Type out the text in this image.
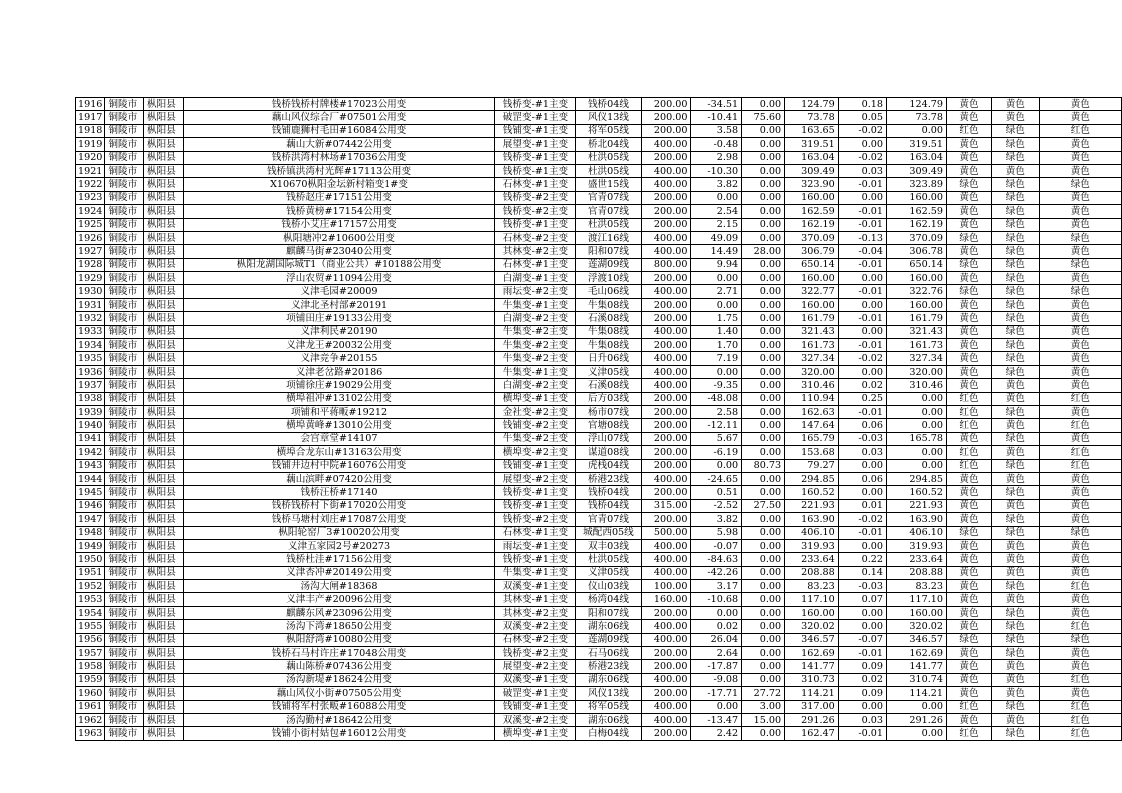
1916	铜陵市	枞阳县	钱桥钱桥村牌楼#17023公用变	钱桥变-#1主变	钱桥04线	200.00	-34.51	0.00	124.79	0.18	124.79	黄色	黄色	黄色
1917	铜陵市	枞阳县	藕山风仪综合厂#07501公用变	破罡变-#1主变	风仪13线	200.00	-10.41	75.60	73.78	0.05	73.78	黄色	黄色	黄色
1918	铜陵市	枞阳县	钱铺鹿狮村毛田#16084公用变	钱铺变-#1主变	将军05线	200.00	3.58	0.00	163.65	-0.02	0.00	红色	绿色	红色
1919	铜陵市	枞阳县	藕山大新#07442公用变	展望变-#1主变	桥北04线	400.00	-0.48	0.00	319.51	0.00	319.51	黄色	绿色	黄色
1920	铜陵市	枞阳县	钱桥洪湾村林场#17036公用变	钱桥变-#1主变	杜洪05线	200.00	2.98	0.00	163.04	-0.02	163.04	黄色	绿色	黄色
1921	铜陵市	枞阳县	钱桥镇洪湾村光辉#17113公用变	钱桥变-#1主变	杜洪05线	400.00	-10.30	0.00	309.49	0.03	309.49	黄色	黄色	黄色
1922	铜陵市	枞阳县	X10670枞阳金坛新村箱变1#变	石林变-#1主变	盛世15线	400.00	3.82	0.00	323.90	-0.01	323.89	绿色	绿色	绿色
1923	铜陵市	枞阳县	钱桥赵庄#17151公用变	钱桥变-#2主变	官青07线	200.00	0.00	0.00	160.00	0.00	160.00	黄色	绿色	黄色
1924	铜陵市	枞阳县	钱桥黄榜#17154公用变	钱桥变-#2主变	官青07线	200.00	2.54	0.00	162.59	-0.01	162.59	黄色	绿色	黄色
1925	铜陵市	枞阳县	钱桥小艾庄#17157公用变	钱桥变-#1主变	杜洪05线	200.00	2.15	0.00	162.19	-0.01	162.19	黄色	绿色	黄色
1926	铜陵市	枞阳县	枞阳塘冲2#10600公用变	石林变-#2主变	渡江16线	400.00	49.09	0.00	370.09	-0.13	370.09	绿色	绿色	绿色
1927	铜陵市	枞阳县	麒麟马街#23040公用变	其林变-#2主变	阳和07线	400.00	14.49	28.00	306.79	-0.04	306.78	黄色	绿色	黄色
1928	铜陵市	枞阳县	枞阳龙湖国际城T1（商业公共）#10188公用变	石林变-#1主变	莲湖09线	800.00	9.94	0.00	650.14	-0.01	650.14	绿色	绿色	绿色
1929	铜陵市	枞阳县	浮山农贸#11094公用变	白湖变-#1主变	浮渡10线	200.00	0.00	0.00	160.00	0.00	160.00	黄色	绿色	黄色
1930	铜陵市	枞阳县	义津毛园#20009	雨坛变-#2主变	毛山06线	400.00	2.71	0.00	322.77	-0.01	322.76	绿色	绿色	绿色
1931	铜陵市	枞阳县	义津北圣村部#20191	牛集变-#1主变	牛集08线	200.00	0.00	0.00	160.00	0.00	160.00	黄色	绿色	黄色
1932	铜陵市	枞阳县	项铺田庄#19133公用变	白湖变-#2主变	石溪08线	200.00	1.75	0.00	161.79	-0.01	161.79	黄色	绿色	黄色
1933	铜陵市	枞阳县	义津利民#20190	牛集变-#2主变	牛集08线	400.00	1.40	0.00	321.43	0.00	321.43	黄色	绿色	黄色
1934	铜陵市	枞阳县	义津龙王#20032公用变	牛集变-#2主变	牛集08线	200.00	1.70	0.00	161.73	-0.01	161.73	黄色	绿色	黄色
1935	铜陵市	枞阳县	义津竞争#20155	牛集变-#2主变	日升06线	400.00	7.19	0.00	327.34	-0.02	327.34	黄色	绿色	黄色
1936	铜陵市	枞阳县	义津老岔路#20186	牛集变-#1主变	义津05线	400.00	0.00	0.00	320.00	0.00	320.00	黄色	绿色	黄色
1937	铜陵市	枞阳县	项铺徐庄#19029公用变	白湖变-#2主变	石溪08线	400.00	-9.35	0.00	310.46	0.02	310.46	黄色	黄色	黄色
1938	铜陵市	枞阳县	横埠祖冲#13102公用变	横埠变-#1主变	后方03线	200.00	-48.08	0.00	110.94	0.25	0.00	红色	黄色	红色
1939	铜陵市	枞阳县	项铺和平蒋畈#19212	金社变-#2主变	杨市07线	200.00	2.58	0.00	162.63	-0.01	0.00	红色	绿色	黄色
1940	铜陵市	枞阳县	横埠黄峰#13010公用变	钱铺变-#2主变	官塘08线	200.00	-12.11	0.00	147.64	0.06	0.00	红色	黄色	红色
1941	铜陵市	枞阳县	会宫章堂#14107	牛集变-#2主变	浮山07线	200.00	5.67	0.00	165.79	-0.03	165.78	黄色	绿色	黄色
1942	铜陵市	枞阳县	横埠合龙东山#13163公用变	横埠变-#2主变	谋道08线	200.00	-6.19	0.00	153.68	0.03	0.00	红色	黄色	红色
1943	铜陵市	枞阳县	钱铺井边村中院#16076公用变	钱铺变-#1主变	虎栈04线	200.00	0.00	80.73	79.27	0.00	0.00	红色	绿色	红色
1944	铜陵市	枞阳县	藕山滨畔#07420公用变	展望变-#2主变	桥港23线	400.00	-24.65	0.00	294.85	0.06	294.85	黄色	黄色	黄色
1945	铜陵市	枞阳县	钱桥汪桥#17140	钱桥变-#1主变	钱桥04线	200.00	0.51	0.00	160.52	0.00	160.52	黄色	绿色	黄色
1946	铜陵市	枞阳县	钱桥钱桥村下街#17020公用变	钱桥变-#1主变	钱桥04线	315.00	-2.52	27.50	221.93	0.01	221.93	黄色	黄色	黄色
1947	铜陵市	枞阳县	钱桥马塘村刘庄#17087公用变	钱桥变-#2主变	官青07线	200.00	3.82	0.00	163.90	-0.02	163.90	黄色	绿色	黄色
1948	铜陵市	枞阳县	枞阳轮窑厂3#10020公用变	石林变-#1主变	城配西05线	500.00	5.98	0.00	406.10	-0.01	406.10	绿色	绿色	绿色
1949	铜陵市	枞阳县	义津五家园2号#20273	雨坛变-#1主变	双丰03线	400.00	-0.07	0.00	319.93	0.00	319.93	黄色	黄色	黄色
1950	铜陵市	枞阳县	钱桥杜洼#17156公用变	钱桥变-#1主变	杜洪05线	400.00	-84.63	0.00	233.64	0.22	233.64	黄色	黄色	黄色
1951	铜陵市	枞阳县	义津杏冲#20149公用变	牛集变-#1主变	义津05线	400.00	-42.26	0.00	208.88	0.14	208.88	黄色	黄色	黄色
1952	铜陵市	枞阳县	汤沟大闸#18368	双溪变-#1主变	仪山03线	100.00	3.17	0.00	83.23	-0.03	83.23	黄色	绿色	红色
1953	铜陵市	枞阳县	义津丰产#20096公用变	其林变-#1主变	杨湾04线	160.00	-10.68	0.00	117.10	0.07	117.10	黄色	黄色	黄色
1954	铜陵市	枞阳县	麒麟东风#23096公用变	其林变-#2主变	阳和07线	200.00	0.00	0.00	160.00	0.00	160.00	黄色	绿色	黄色
1955	铜陵市	枞阳县	汤沟下湾#18650公用变	双溪变-#2主变	湖东06线	400.00	0.02	0.00	320.02	0.00	320.02	黄色	绿色	红色
1956	铜陵市	枞阳县	枞阳舒湾#10080公用变	石林变-#2主变	莲湖09线	400.00	26.04	0.00	346.57	-0.07	346.57	绿色	绿色	绿色
1957	铜陵市	枞阳县	钱桥石马村许庄#17048公用变	钱桥变-#2主变	石马06线	200.00	2.64	0.00	162.69	-0.01	162.69	黄色	绿色	黄色
1958	铜陵市	枞阳县	藕山陈桥#07436公用变	展望变-#2主变	桥港23线	200.00	-17.87	0.00	141.77	0.09	141.77	黄色	黄色	黄色
1959	铜陵市	枞阳县	汤沟新堤#18624公用变	双溪变-#1主变	湖东06线	400.00	-9.08	0.00	310.73	0.02	310.74	黄色	黄色	红色
1960	铜陵市	枞阳县	藕山风仪小街#07505公用变	破罡变-#1主变	风仪13线	200.00	-17.71	27.72	114.21	0.09	114.21	黄色	黄色	黄色
1961	铜陵市	枞阳县	钱铺将军村张畈#16088公用变	钱铺变-#1主变	将军05线	400.00	0.00	3.00	317.00	0.00	0.00	红色	绿色	红色
1962	铜陵市	枞阳县	汤沟勤村#18642公用变	双溪变-#2主变	湖东06线	400.00	-13.47	15.00	291.26	0.03	291.26	黄色	黄色	红色
1963	铜陵市	枞阳县	钱铺小街村姑包#16012公用变	横埠变-#1主变	白梅04线	200.00	2.42	0.00	162.47	-0.01	0.00	红色	绿色	红色
